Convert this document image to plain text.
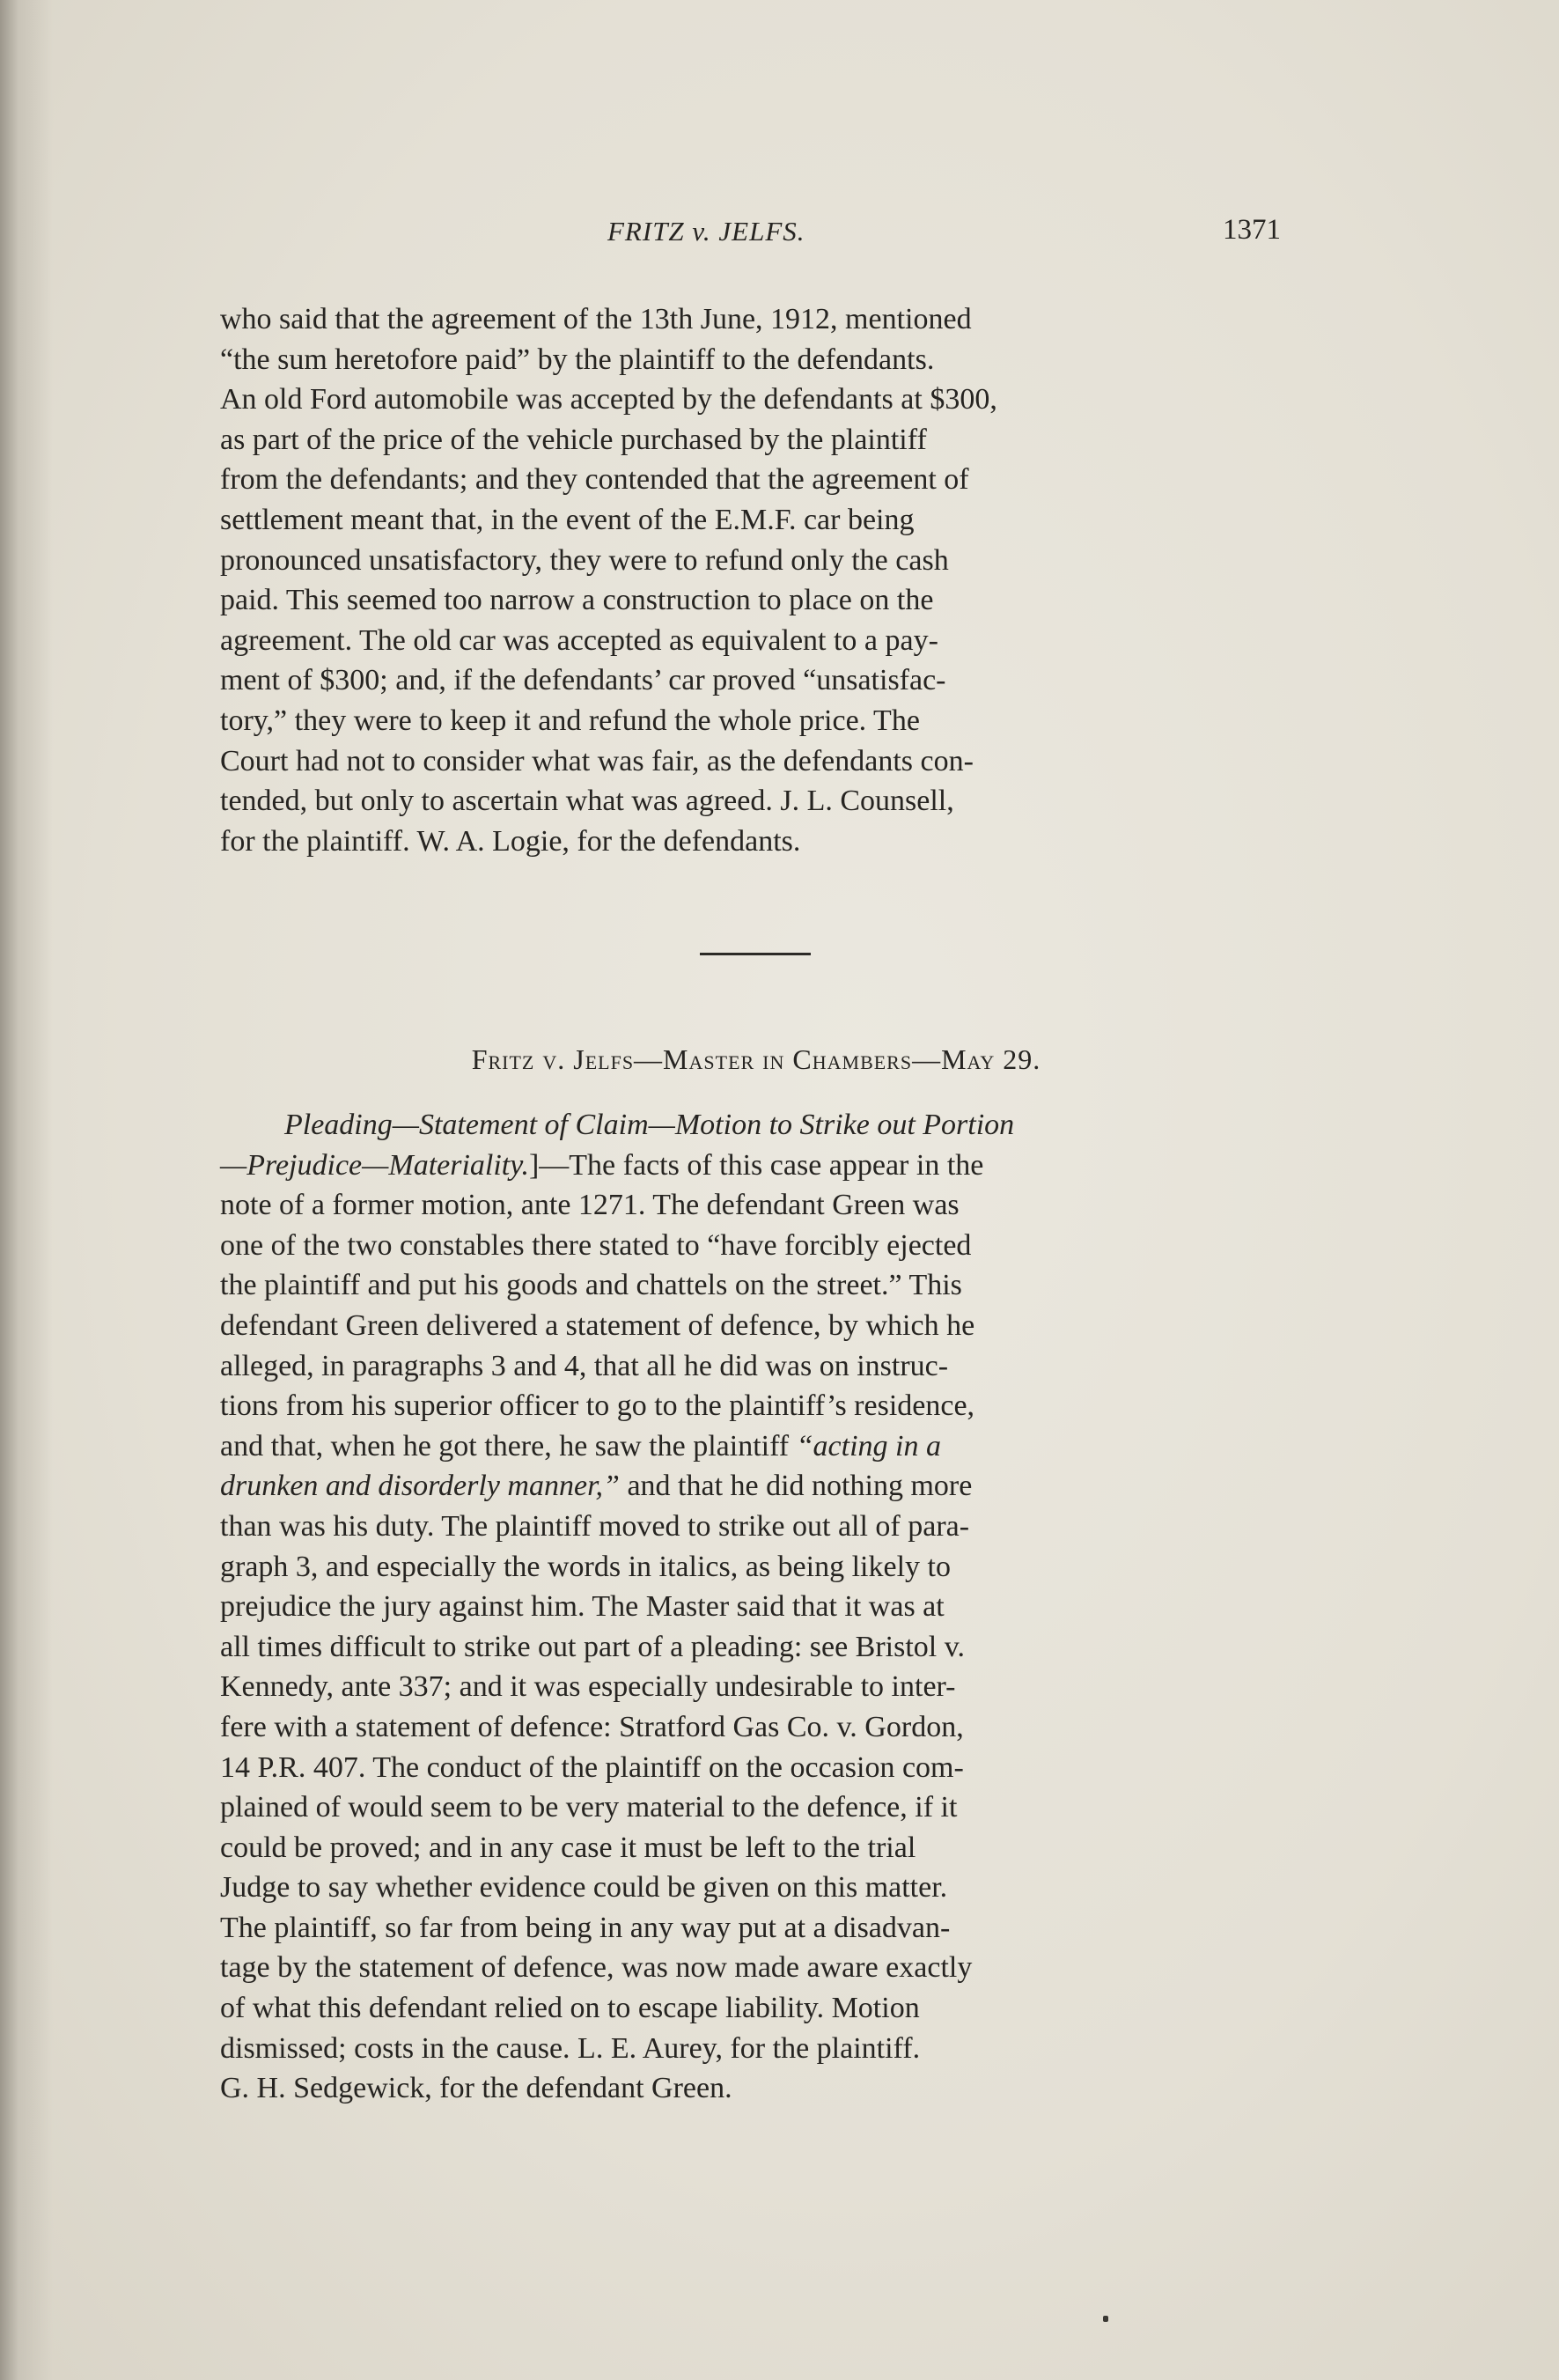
FRITZ v. JELFS.	1371

who said that the agreement of the 13th June, 1912, mentioned

“the sum heretofore paid” by the plaintiff to the defendants.

An old Ford automobile was accepted by the defendants at $300,

as part of the price of the vehicle purchased by the plaintiff

from the defendants; and they contended that the agreement of

settlement meant that, in the event of the E.M.F. car being

pronounced unsatisfactory, they were to refund only the cash

paid. This seemed too narrow a construction to place on the

agreement. The old car was accepted as equivalent to a pay-

ment of $300; and, if the defendants’ car proved “unsatisfac-

tory,” they were to keep it and refund the whole price. The

Court had not to consider what was fair, as the defendants con-

tended, but only to ascertain what was agreed. J. L. Counsell,

for the plaintiff. W. A. Logie, for the defendants.

Fritz v. Jelfs—Master in Chambers—May 29.

Pleading—Statement of Claim—Motion to Strike out Portion

—Prejudice—Materiality.]—The facts of this case appear in the

note of a former motion, ante 1271. The defendant Green was

one of the two constables there stated to “have forcibly ejected

the plaintiff and put his goods and chattels on the street.” This

defendant Green delivered a statement of defence, by which he

alleged, in paragraphs 3 and 4, that all he did was on instruc-

tions from his superior officer to go to the plaintiff’s residence,

and that, when he got there, he saw the plaintiff “acting in a

drunken and disorderly manner,” and that he did nothing more

than was his duty. The plaintiff moved to strike out all of para-

graph 3, and especially the words in italics, as being likely to

prejudice the jury against him. The Master said that it was at

all times difficult to strike out part of a pleading: see Bristol v.

Kennedy, ante 337; and it was especially undesirable to inter-

fere with a statement of defence: Stratford Gas Co. v. Gordon,

14 P.R. 407. The conduct of the plaintiff on the occasion com-

plained of would seem to be very material to the defence, if it

could be proved; and in any case it must be left to the trial

Judge to say whether evidence could be given on this matter.

The plaintiff, so far from being in any way put at a disadvan-

tage by the statement of defence, was now made aware exactly

of what this defendant relied on to escape liability. Motion

dismissed; costs in the cause. L. E. Aurey, for the plaintiff.

G. H. Sedgewick, for the defendant Green.
